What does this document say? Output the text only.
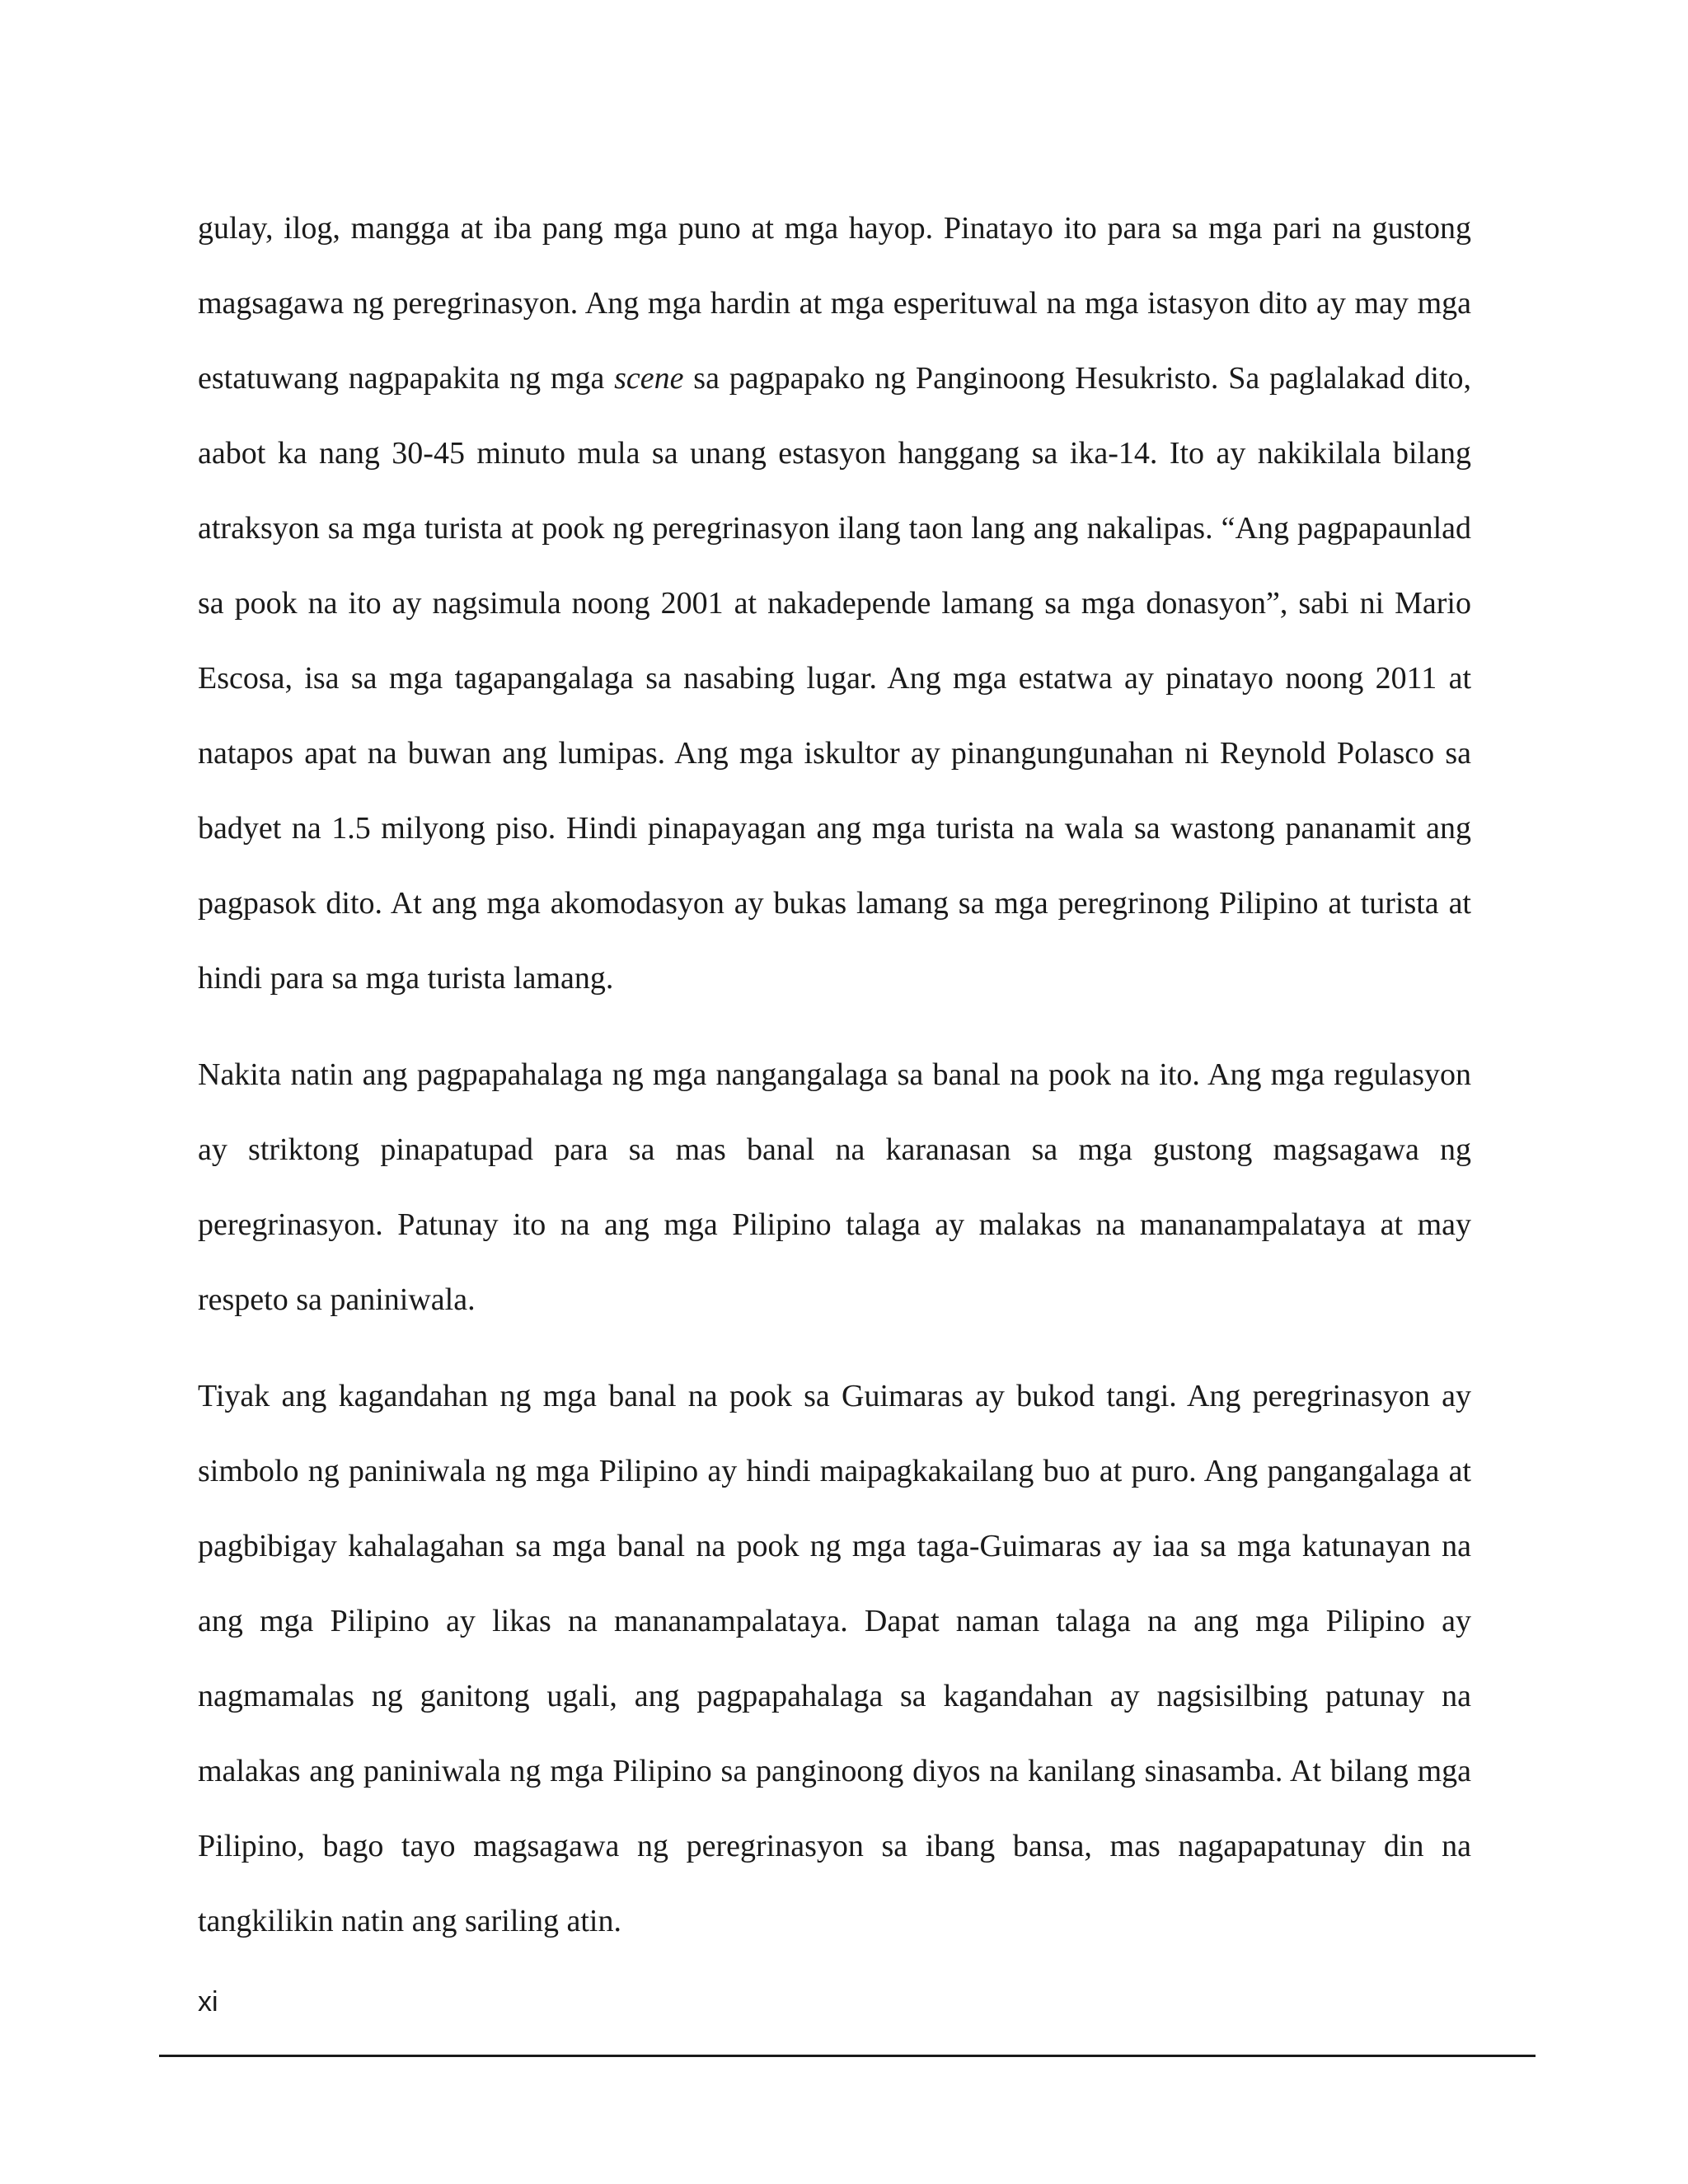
gulay, ilog, mangga at iba pang mga puno at mga hayop. Pinatayo ito para sa mga pari na gustong magsagawa ng peregrinasyon. Ang mga hardin at mga esperituwal na mga istasyon dito ay may mga estatuwang nagpapakita ng mga scene sa pagpapako ng Panginoong Hesukristo. Sa paglalakad dito, aabot ka nang 30-45 minuto mula sa unang estasyon hanggang sa ika-14. Ito ay nakikilala bilang atraksyon sa mga turista at pook ng peregrinasyon ilang taon lang ang nakalipas. “Ang pagpapaunlad sa pook na ito ay nagsimula noong 2001 at nakadepende lamang sa mga donasyon”, sabi ni Mario Escosa, isa sa mga tagapangalaga sa nasabing lugar. Ang mga estatwa ay pinatayo noong 2011 at natapos apat na buwan ang lumipas. Ang mga iskultor ay pinangungunahan ni Reynold Polasco sa badyet na 1.5 milyong piso. Hindi pinapayagan ang mga turista na wala sa wastong pananamit ang pagpasok dito. At ang mga akomodasyon ay bukas lamang sa mga peregrinong Pilipino at turista at hindi para sa mga turista lamang.

Nakita natin ang pagpapahalaga ng mga nangangalaga sa banal na pook na ito. Ang mga regulasyon ay striktong pinapatupad para sa mas banal na karanasan sa mga gustong magsagawa ng peregrinasyon. Patunay ito na ang mga Pilipino talaga ay malakas na mananampalataya at may respeto sa paniniwala.

Tiyak ang kagandahan ng mga banal na pook sa Guimaras ay bukod tangi. Ang peregrinasyon ay simbolo ng paniniwala ng mga Pilipino ay hindi maipagkakailang buo at puro. Ang pangangalaga at pagbibigay kahalagahan sa mga banal na pook ng mga taga-Guimaras ay iaa sa mga katunayan na ang mga Pilipino ay likas na mananampalataya. Dapat naman talaga na ang mga Pilipino ay nagmamalas ng ganitong ugali, ang pagpapahalaga sa kagandahan ay nagsisilbing patunay na malakas ang paniniwala ng mga Pilipino sa panginoong diyos na kanilang sinasamba. At bilang mga Pilipino, bago tayo magsagawa ng peregrinasyon sa ibang bansa, mas nagapapatunay din na tangkilikin natin ang sariling atin.

xi
